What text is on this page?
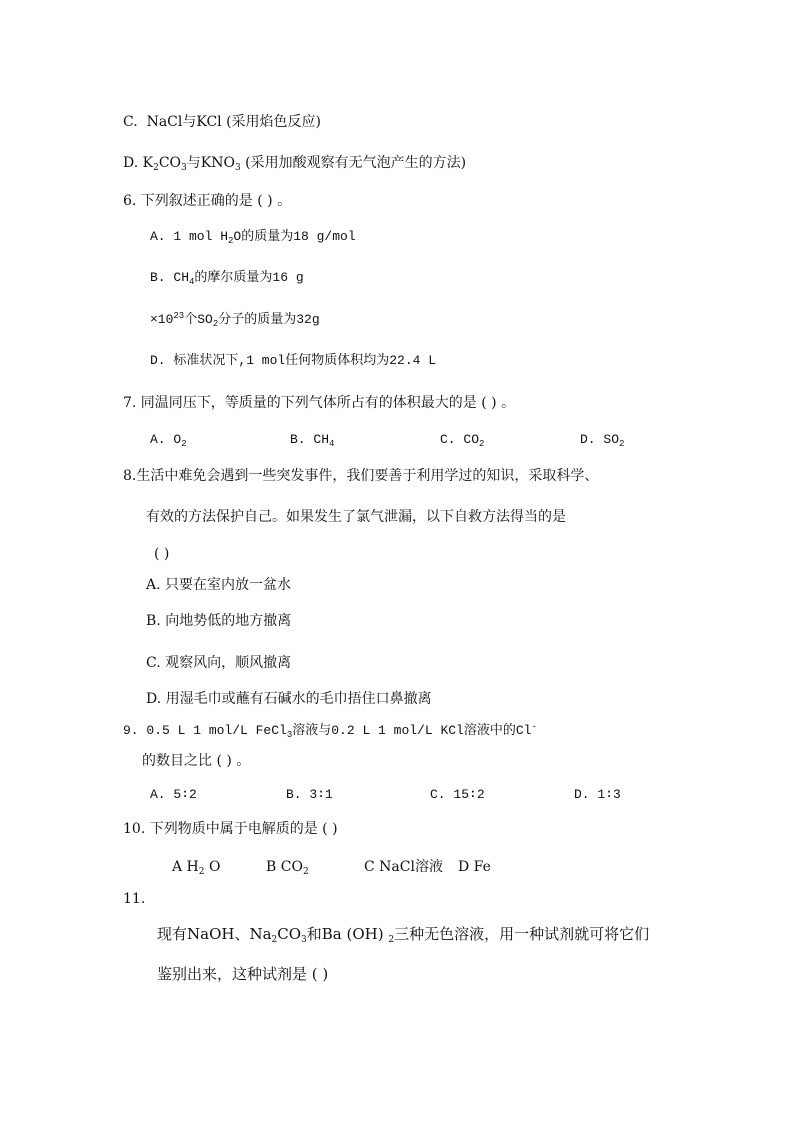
C. NaCl与KCl (采用焰色反应)
D. $K_2CO_3$与$KNO_3$ (采用加酸观察有无气泡产生的方法)
6. 下列叙述正确的是 ( ) 。
A. 1 mol $H_2O$的质量为18 g/mol
B. $CH_4$的摩尔质量为16 g
$\times 10^{23}$个$SO_2$分子的质量为32g
D. 标准状况下,1 mol任何物质体积均为22.4 L
7. 同温同压下，等质量的下列气体所占有的体积最大的是 ( ) 。
A. $O_2$	B. $CH_4$	C. $CO_2$	D. $SO_2$
8.生活中难免会遇到一些突发事件，我们要善于利用学过的知识，采取科学、
有效的方法保护自己。如果发生了氯气泄漏，以下自救方法得当的是
( )
A. 只要在室内放一盆水
B. 向地势低的地方撤离
C. 观察风向，顺风撤离
D. 用湿毛巾或蘸有石碱水的毛巾捂住口鼻撤离
9. 0.5 L 1 mol/L FeCl$_3$溶液与0.2 L 1 mol/L KCl溶液中的Cl-
的数目之比 ( ) 。
A. 5∶2	B. 3∶1	C. 15∶2	D. 1∶3
10. 下列物质中属于电解质的是 ( )
A $H_2$ O	B $CO_2$	C NaCl溶液 D Fe
11.
现有NaOH、$Na_2CO_3$和Ba (OH) $_2$三种无色溶液，用一种试剂就可将它们
鉴别出来，这种试剂是 ( )
